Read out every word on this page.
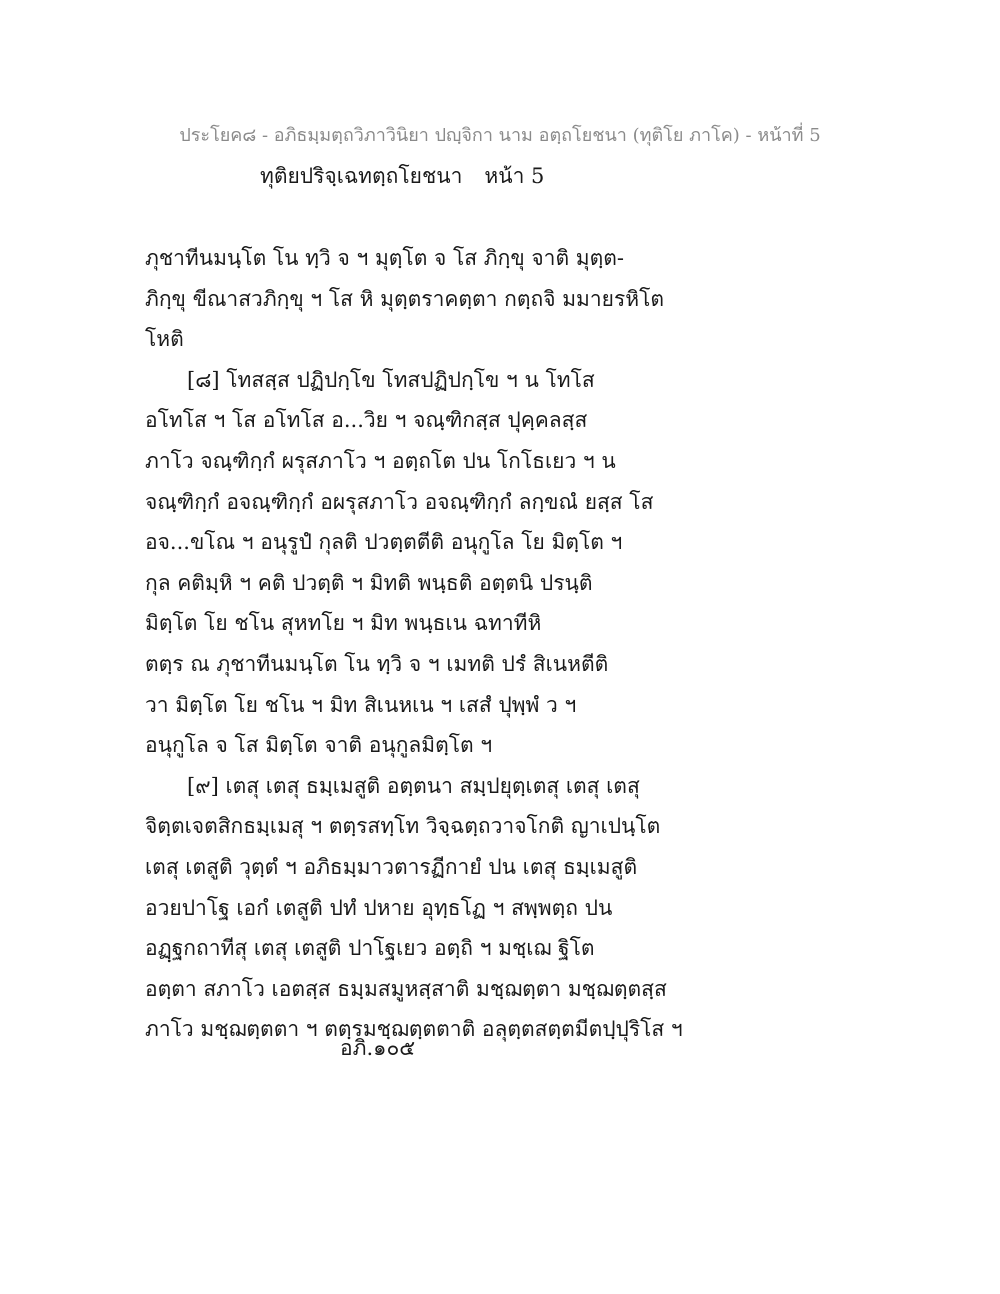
ประโยค๘ - อภิธมฺมตฺถวิภาวินิยา ปญฺจิกา นาม อตฺถโยชนา (ทุติโย ภาโค) - หน้าที่ 5
ทุติยปริจฺเฉทตฺถโยชนา หน้า 5
ภุชาทีนมนฺโต โน ทฺวิ จ ฯ มุตฺโต จ โส ภิกฺขุ จาติ มุตฺต-
ภิกฺขุ ขีณาสวภิกฺขุ ฯ โส หิ มุตฺตราคตฺตา กตฺถจิ มมายรหิโต
โหติ
[๘] โทสสฺส ปฏิปกฺโข โทสปฏิปกฺโข ฯ น โทโส
อโทโส ฯ โส อโทโส อ...วิย ฯ จณฺฑิกสฺส ปุคฺคลสฺส
ภาโว จณฺฑิกฺกํ ผรุสภาโว ฯ อตฺถโต ปน โกโธเยว ฯ น
จณฺฑิกฺกํ อจณฺฑิกฺกํ อผรุสภาโว อจณฺฑิกฺกํ ลกฺขณํ ยสฺส โส
อจ...ขโณ ฯ อนุรูปํ กุลติ ปวตฺตตีติ อนุกูโล โย มิตฺโต ฯ
กุล คติมฺหิ ฯ คติ ปวตฺติ ฯ มิทติ พนฺธติ อตฺตนิ ปรนฺติ
มิตฺโต โย ชโน สุหทโย ฯ มิท พนฺธเน ฉทาทีหิ
ตตฺร ณ ภุชาทีนมนฺโต โน ทฺวิ จ ฯ เมทติ ปรํ สิเนหตีติ
วา มิตฺโต โย ชโน ฯ มิท สิเนหเน ฯ เสสํ ปุพฺพํ ว ฯ
อนุกูโล จ โส มิตฺโต จาติ อนุกูลมิตฺโต ฯ
[๙] เตสุ เตสุ ธมฺเมสูติ อตฺตนา สมฺปยุตฺเตสุ เตสุ เตสุ
จิตฺตเจตสิกธมฺเมสุ ฯ ตตฺรสทฺโท วิจฺฉตฺถวาจโกติ ญาเปนฺโต
เตสุ เตสูติ วุตฺตํ ฯ อภิธมฺมาวตารฏีกายํ ปน เตสุ ธมฺเมสูติ
อวยปาโฐ เอกํ เตสูติ ปทํ ปหาย อุทฺธโฏ ฯ สพฺพตฺถ ปน
อฏฺฐกถาทีสุ เตสุ เตสูติ ปาโฐเยว อตฺถิ ฯ มชฺเฌ ฐิโต
อตฺตา สภาโว เอตสฺส ธมฺมสมูหสฺสาติ มชฺฌตฺตา มชฺฌตฺตสฺส
ภาโว มชฺฌตฺตตา ฯ ตตฺรมชฺฌตฺตตาติ อลุตฺตสตฺตมีตปฺปุริโส ฯ
อภิ.๑๐๕
